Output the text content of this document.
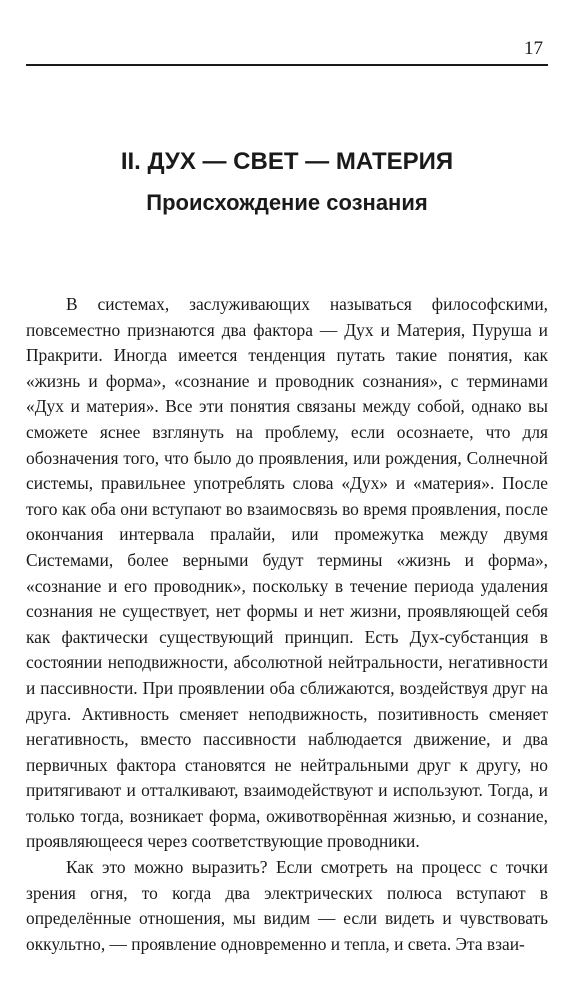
17
II. ДУХ — СВЕТ — МАТЕРИЯ
Происхождение сознания

В системах, заслуживающих называться философскими, повсеместно признаются два фактора — Дух и Материя, Пуруша и Пракрити. Иногда имеется тенденция путать такие понятия, как «жизнь и форма», «сознание и проводник сознания», с терминами «Дух и материя». Все эти понятия связаны между собой, однако вы сможете яснее взглянуть на проблему, если осознаете, что для обозначения того, что было до проявления, или рождения, Солнечной системы, правильнее употреблять слова «Дух» и «материя». После того как оба они вступают во взаимосвязь во время проявления, после окончания интервала пралайи, или промежутка между двумя Системами, более верными будут термины «жизнь и форма», «сознание и его проводник», поскольку в течение периода удаления сознания не существует, нет формы и нет жизни, проявляющей себя как фактически существующий принцип. Есть Дух-субстанция в состоянии неподвижности, абсолютной нейтральности, негативности и пассивности. При проявлении оба сближаются, воздействуя друг на друга. Активность сменяет неподвижность, позитивность сменяет негативность, вместо пассивности наблюдается движение, и два первичных фактора становятся не нейтральными друг к другу, но притягивают и отталкивают, взаимодействуют и используют. Тогда, и только тогда, возникает форма, оживотворённая жизнью, и сознание, проявляющееся через соответствующие проводники.

Как это можно выразить? Если смотреть на процесс с точки зрения огня, то когда два электрических полюса вступают в определённые отношения, мы видим — если видеть и чувствовать оккультно, — проявление одновременно и тепла, и света. Эта взаи-
